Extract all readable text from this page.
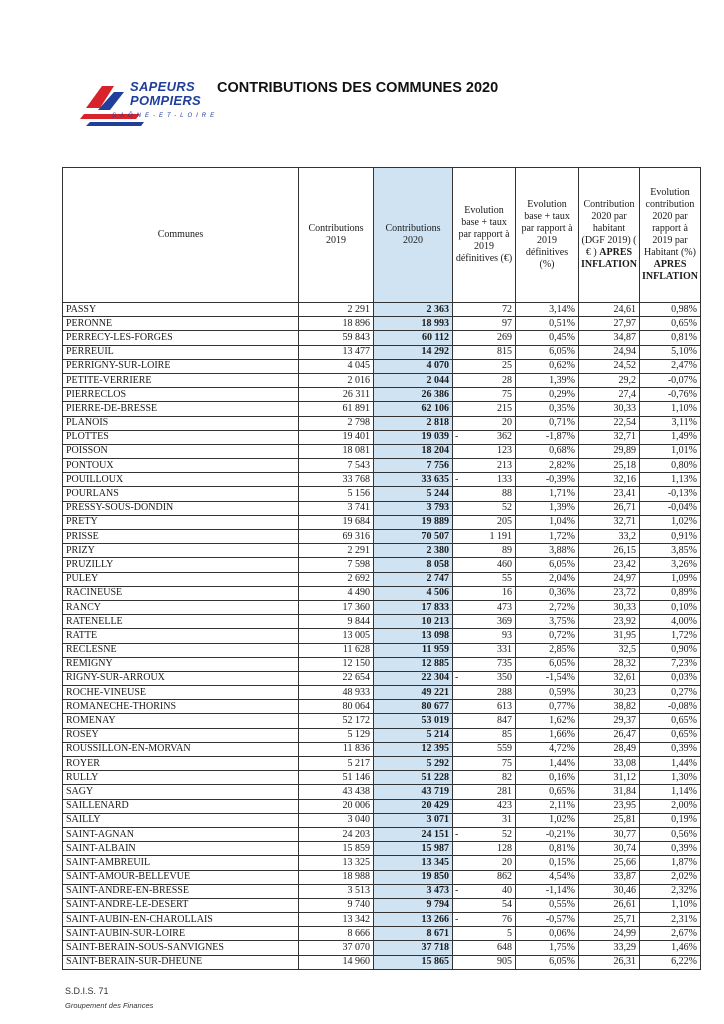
SAPEURS
POMPIERS
SAÔNE-ET-LOIRE
CONTRIBUTIONS DES COMMUNES 2020
Communes	Contributions 2019	Contributions 2020	Evolution base + taux par rapport à 2019 définitives (€)	Evolution base + taux par rapport à 2019 définitives (%)	Contribution 2020 par habitant (DGF 2019) ( € ) APRES INFLATION	Evolution contribution 2020 par rapport à 2019 par Habitant (%) APRES INFLATION
PASSY	2 291	2 363	72	3,14%	24,61	0,98%
PERONNE	18 896	18 993	97	0,51%	27,97	0,65%
PERRECY-LES-FORGES	59 843	60 112	269	0,45%	34,87	0,81%
PERREUIL	13 477	14 292	815	6,05%	24,94	5,10%
PERRIGNY-SUR-LOIRE	4 045	4 070	25	0,62%	24,52	2,47%
PETITE-VERRIERE	2 016	2 044	28	1,39%	29,2	-0,07%
PIERRECLOS	26 311	26 386	75	0,29%	27,4	-0,76%
PIERRE-DE-BRESSE	61 891	62 106	215	0,35%	30,33	1,10%
PLANOIS	2 798	2 818	20	0,71%	22,54	3,11%
PLOTTES	19 401	19 039	- 362	-1,87%	32,71	1,49%
POISSON	18 081	18 204	123	0,68%	29,89	1,01%
PONTOUX	7 543	7 756	213	2,82%	25,18	0,80%
POUILLOUX	33 768	33 635	- 133	-0,39%	32,16	1,13%
POURLANS	5 156	5 244	88	1,71%	23,41	-0,13%
PRESSY-SOUS-DONDIN	3 741	3 793	52	1,39%	26,71	-0,04%
PRETY	19 684	19 889	205	1,04%	32,71	1,02%
PRISSE	69 316	70 507	1 191	1,72%	33,2	0,91%
PRIZY	2 291	2 380	89	3,88%	26,15	3,85%
PRUZILLY	7 598	8 058	460	6,05%	23,42	3,26%
PULEY	2 692	2 747	55	2,04%	24,97	1,09%
RACINEUSE	4 490	4 506	16	0,36%	23,72	0,89%
RANCY	17 360	17 833	473	2,72%	30,33	0,10%
RATENELLE	9 844	10 213	369	3,75%	23,92	4,00%
RATTE	13 005	13 098	93	0,72%	31,95	1,72%
RECLESNE	11 628	11 959	331	2,85%	32,5	0,90%
REMIGNY	12 150	12 885	735	6,05%	28,32	7,23%
RIGNY-SUR-ARROUX	22 654	22 304	- 350	-1,54%	32,61	0,03%
ROCHE-VINEUSE	48 933	49 221	288	0,59%	30,23	0,27%
ROMANECHE-THORINS	80 064	80 677	613	0,77%	38,82	-0,08%
ROMENAY	52 172	53 019	847	1,62%	29,37	0,65%
ROSEY	5 129	5 214	85	1,66%	26,47	0,65%
ROUSSILLON-EN-MORVAN	11 836	12 395	559	4,72%	28,49	0,39%
ROYER	5 217	5 292	75	1,44%	33,08	1,44%
RULLY	51 146	51 228	82	0,16%	31,12	1,30%
SAGY	43 438	43 719	281	0,65%	31,84	1,14%
SAILLENARD	20 006	20 429	423	2,11%	23,95	2,00%
SAILLY	3 040	3 071	31	1,02%	25,81	0,19%
SAINT-AGNAN	24 203	24 151	- 52	-0,21%	30,77	0,56%
SAINT-ALBAIN	15 859	15 987	128	0,81%	30,74	0,39%
SAINT-AMBREUIL	13 325	13 345	20	0,15%	25,66	1,87%
SAINT-AMOUR-BELLEVUE	18 988	19 850	862	4,54%	33,87	2,02%
SAINT-ANDRE-EN-BRESSE	3 513	3 473	- 40	-1,14%	30,46	2,32%
SAINT-ANDRE-LE-DESERT	9 740	9 794	54	0,55%	26,61	1,10%
SAINT-AUBIN-EN-CHAROLLAIS	13 342	13 266	- 76	-0,57%	25,71	2,31%
SAINT-AUBIN-SUR-LOIRE	8 666	8 671	5	0,06%	24,99	2,67%
SAINT-BERAIN-SOUS-SANVIGNES	37 070	37 718	648	1,75%	33,29	1,46%
SAINT-BERAIN-SUR-DHEUNE	14 960	15 865	905	6,05%	26,31	6,22%
S.D.I.S. 71
Groupement des Finances
